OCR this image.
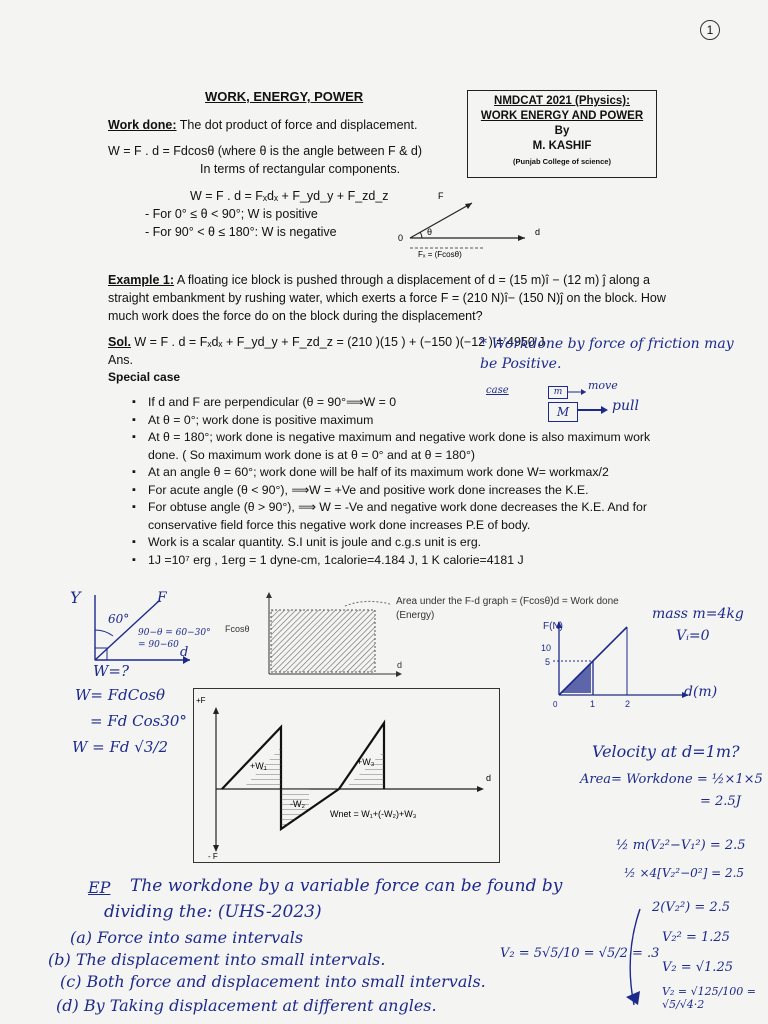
1
WORK, ENERGY, POWER	NMDCAT 2021 (Physics):
WORK ENERGY AND POWER
By
M. KASHIF
(Punjab College of science)
Work done: The dot product of force and displacement.
W = F . d = Fdcosθ (where θ is the angle between F & d)
In terms of rectangular components.
W = F . d = Fₓdₓ + F_yd_y + F_zd_z
- For 0° ≤ θ < 90°; W is positive
- For 90° < θ ≤ 180°: W is negative	0
θ
F
d
Fₓ = (Fcosθ)
Example 1: A floating ice block is pushed through a displacement of d = (15 m)î − (12 m) ĵ along a straight embankment by rushing water, which exerts a force F = (210 N)î− (150 N)ĵ on the block. How much work does the force do on the block during the displacement?
Sol. W = F . d = Fₓdₓ + F_yd_y + F_zd_z = (210 )(15 ) + (−150 )(−12 ) = 4950 J Ans.
Special case
▪ If d and F are perpendicular (θ = 90°⟹W = 0
▪ At θ = 0°; work done is positive maximum
▪ At θ = 180°; work done is negative maximum and negative work done is also maximum work done. ( So maximum work done is at θ = 0° and at θ = 180°)
▪ At an angle θ = 60°; work done will be half of its maximum work done W= workmax/2
▪ For acute angle (θ < 90°), ⟹W = +Ve and positive work done increases the K.E.
▪ For obtuse angle (θ > 90°), ⟹ W = -Ve and negative work done decreases the K.E. And for conservative field force this negative work done increases P.E of body.
▪ Work is a scalar quantity. S.I unit is joule and c.g.s unit is erg.
▪ 1J =10⁷ erg , 1erg = 1 dyne-cm, 1calorie=4.184 J, 1 K calorie=4181 J
* Workdone by force of friction may
be Positive.
case	m	move
M	pull
Y	F
60°
90−θ = 60−30°
= 90−60 d
W=?
W= FdCosθ
= Fd Cos30°
W = Fd √3/2
Fcosθ
d
Area under the F-d graph = (Fcosθ)d = Work done
(Energy)
+F
- F
d
+W₁
-W₂
+W₃
Wnet = W₁+(-W₂)+W₃
mass m=4kg
Vᵢ=0
F(N)
10
5
0	1	2
d(m)
Velocity at d=1m?
Area= Workdone = ½×1×5
= 2.5J
½ m(V₂²−V₁²) = 2.5
½ ×4[V₂²−0²] = 2.5
2(V₂²) = 2.5
V₂² = 1.25
V₂ = √1.25
V₂ = √125/100 = √5/√4·2
V₂ = 5√5/10 = √5/2 = .3
EP The workdone by a variable force can be found by
dividing the: (UHS-2023)
(a) Force into same intervals
(b) The displacement into small intervals.
(c) Both force and displacement into small intervals.
(d) By Taking displacement at different angles.
